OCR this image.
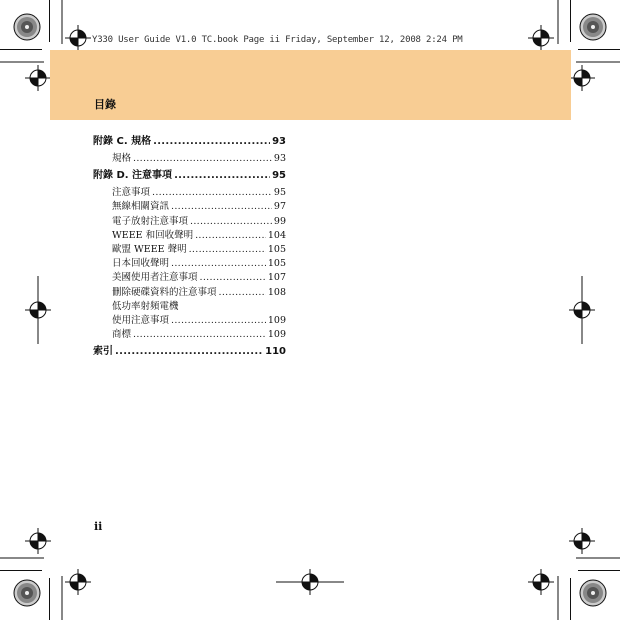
Y330 User Guide V1.0 TC.book Page ii Friday, September 12, 2008 2:24 PM
目錄
附錄 C. 規格 .....	93
規格 .....	93
附錄 D. 注意事項 .....	95
注意事項 .....	95
無線相關資訊 .....	97
電子放射注意事項 .....	99
WEEE 和回收聲明 .....	104
歐盟 WEEE 聲明 .....	105
日本回收聲明 .....	105
美國使用者注意事項 .....	107
刪除硬碟資料的注意事項 .....	108
低功率射頻電機
使用注意事項 .....	109
商標 .....	109
索引 .....	110
ii
